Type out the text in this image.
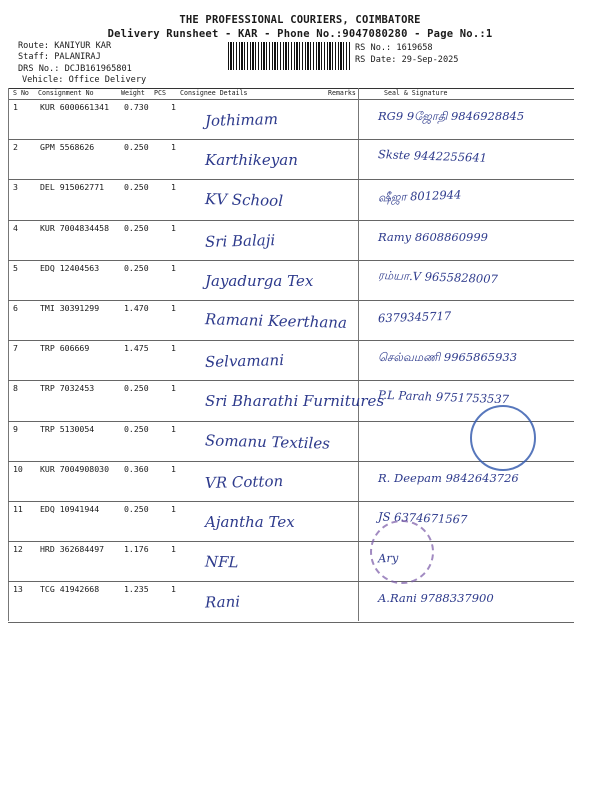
THE PROFESSIONAL COURIERS, COIMBATORE
Delivery Runsheet - KAR - Phone No.:9047080280 - Page No.:1
Route: KANIYUR KAR
Staff: PALANIRAJ
DRS No.: DCJB161965801
Vehicle: Office Delivery
RS No.: 1619658
RS Date: 29-Sep-2025
S No Consignment No	Weight PCS Consignee Details	Remarks	Seal & Signature
1	KUR 6000661341 0.730	1
Jothimam	RG9 9ஜோதி 9846928845
2	GPM 5568626	0.250	1
Karthikeyan	Skste 9442255641
3	DEL 915062771 0.250	1
KV School	ஷீஜா 8012944
4	KUR 7004834458 0.250	1
Sri Balaji	Ramy 8608860999
5	EDQ 12404563	0.250	1
Jayadurga Tex	ரம்யா.V 9655828007
6	TMI 30391299	1.470	1
Ramani Keerthana	6379345717
7	TRP 606669	1.475	1
Selvamani	செல்வமணி 9965865933
8	TRP 7032453	0.250	1
Sri Bharathi Furnitures
P.L Parah 9751753537
9	TRP 5130054	0.250	1
Somanu Textiles
10 KUR 7004908030 0.360	1
VR Cotton	R. Deepam 9842643726
11 EDQ 10941944	0.250	1
Ajantha Tex	JS 6374671567
12 HRD 362684497 1.176	1
NFL	Ary
13 TCG 41942668	1.235	1
Rani	A.Rani 9788337900
